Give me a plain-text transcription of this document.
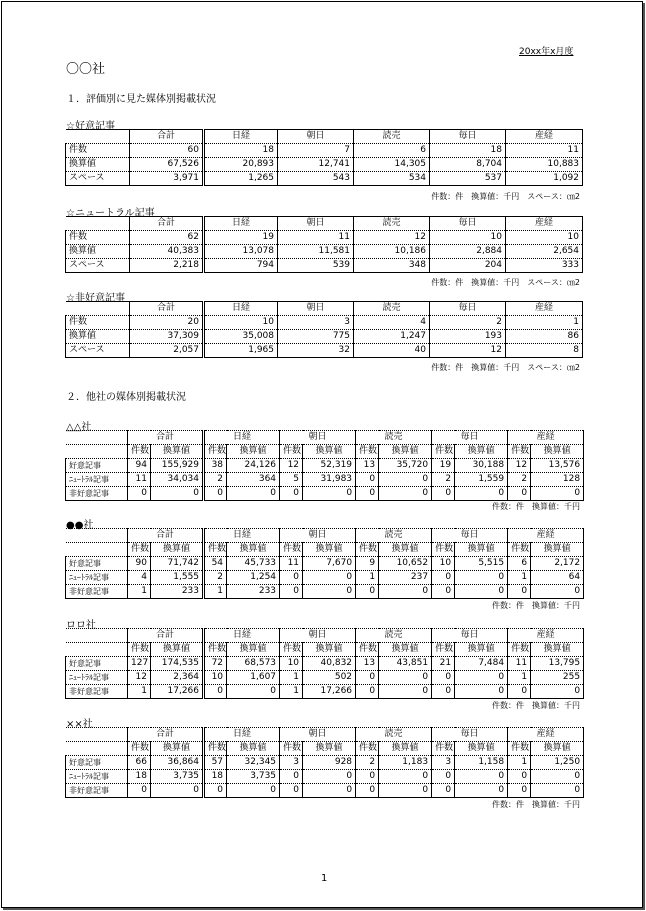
20xx年x月度
〇〇社
１．評価別に見た媒体別掲載状況
☆好意記事
	合計	日経	朝日	読売	毎日	産経
件数	60	18	7	6	18	11
換算値	67,526	20,893	12,741	14,305	8,704	10,883
スペース	3,971	1,265	543	534	537	1,092
件数：件　換算値：千円　スペース：㎝2
☆ニュートラル記事
	合計	日経	朝日	読売	毎日	産経
件数	62	19	11	12	10	10
換算値	40,383	13,078	11,581	10,186	2,884	2,654
スペース	2,218	794	539	348	204	333
件数：件　換算値：千円　スペース：㎝2
☆非好意記事
	合計	日経	朝日	読売	毎日	産経
件数	20	10	3	4	2	1
換算値	37,309	35,008	775	1,247	193	86
スペース	2,057	1,965	32	40	12	8
件数：件　換算値：千円　スペース：㎝2
２．他社の媒体別掲載状況
△△社
	合計		日経		朝日		読売		毎日		産経	
	件数	換算値	件数	換算値	件数	換算値	件数	換算値	件数	換算値	件数	換算値
好意記事	94	155,929	38	24,126	12	52,319	13	35,720	19	30,188	12	13,576
ﾆｭｰﾄﾗﾙ記事	11	34,034	2	364	5	31,983	0	0	2	1,559	2	128
非好意記事	0	0	0	0	0	0	0	0	0	0	0	0
件数：件　換算値：千円
●●社
	合計		日経		朝日		読売		毎日		産経	
	件数	換算値	件数	換算値	件数	換算値	件数	換算値	件数	換算値	件数	換算値
好意記事	90	71,742	54	45,733	11	7,670	9	10,652	10	5,515	6	2,172
ﾆｭｰﾄﾗﾙ記事	4	1,555	2	1,254	0	0	1	237	0	0	1	64
非好意記事	1	233	1	233	0	0	0	0	0	0	0	0
件数：件　換算値：千円
ロロ社
	合計		日経		朝日		読売		毎日		産経	
	件数	換算値	件数	換算値	件数	換算値	件数	換算値	件数	換算値	件数	換算値
好意記事	127	174,535	72	68,573	10	40,832	13	43,851	21	7,484	11	13,795
ﾆｭｰﾄﾗﾙ記事	12	2,364	10	1,607	1	502	0	0	0	0	1	255
非好意記事	1	17,266	0	0	1	17,266	0	0	0	0	0	0
件数：件　換算値：千円
××社
	合計		日経		朝日		読売		毎日		産経	
	件数	換算値	件数	換算値	件数	換算値	件数	換算値	件数	換算値	件数	換算値
好意記事	66	36,864	57	32,345	3	928	2	1,183	3	1,158	1	1,250
ﾆｭｰﾄﾗﾙ記事	18	3,735	18	3,735	0	0	0	0	0	0	0	0
非好意記事	0	0	0	0	0	0	0	0	0	0	0	0
件数：件　換算値：千円
1
